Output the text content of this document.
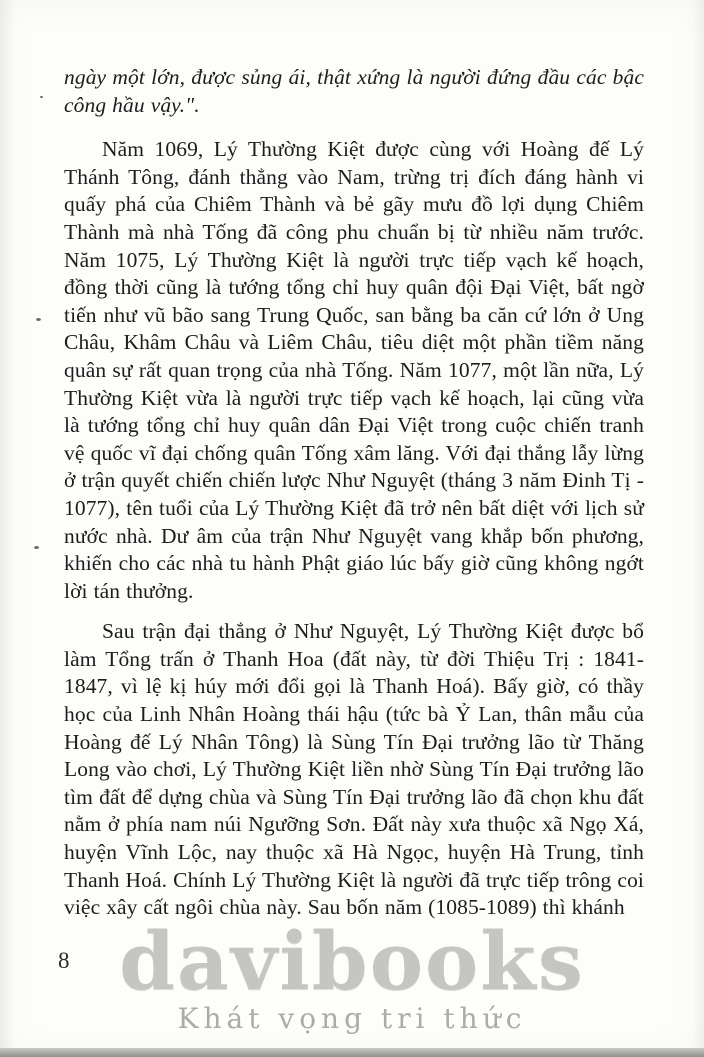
ngày một lớn, được sủng ái, thật xứng là người đứng đầu các bậc công hầu vậy.".

Năm 1069, Lý Thường Kiệt được cùng với Hoàng đế Lý Thánh Tông, đánh thẳng vào Nam, trừng trị đích đáng hành vi quấy phá của Chiêm Thành và bẻ gãy mưu đồ lợi dụng Chiêm Thành mà nhà Tống đã công phu chuẩn bị từ nhiều năm trước. Năm 1075, Lý Thường Kiệt là người trực tiếp vạch kế hoạch, đồng thời cũng là tướng tổng chỉ huy quân đội Đại Việt, bất ngờ tiến như vũ bão sang Trung Quốc, san bằng ba căn cứ lớn ở Ung Châu, Khâm Châu và Liêm Châu, tiêu diệt một phần tiềm năng quân sự rất quan trọng của nhà Tống. Năm 1077, một lần nữa, Lý Thường Kiệt vừa là người trực tiếp vạch kế hoạch, lại cũng vừa là tướng tổng chỉ huy quân dân Đại Việt trong cuộc chiến tranh vệ quốc vĩ đại chống quân Tống xâm lăng. Với đại thắng lẫy lừng ở trận quyết chiến chiến lược Như Nguyệt (tháng 3 năm Đinh Tị - 1077), tên tuổi của Lý Thường Kiệt đã trở nên bất diệt với lịch sử nước nhà. Dư âm của trận Như Nguyệt vang khắp bốn phương, khiến cho các nhà tu hành Phật giáo lúc bấy giờ cũng không ngớt lời tán thưởng.

Sau trận đại thắng ở Như Nguyệt, Lý Thường Kiệt được bổ làm Tổng trấn ở Thanh Hoa (đất này, từ đời Thiệu Trị : 1841-1847, vì lệ kị húy mới đổi gọi là Thanh Hoá). Bấy giờ, có thầy học của Linh Nhân Hoàng thái hậu (tức bà Ỷ Lan, thân mẫu của Hoàng đế Lý Nhân Tông) là Sùng Tín Đại trưởng lão từ Thăng Long vào chơi, Lý Thường Kiệt liền nhờ Sùng Tín Đại trưởng lão tìm đất để dựng chùa và Sùng Tín Đại trưởng lão đã chọn khu đất nằm ở phía nam núi Ngưỡng Sơn. Đất này xưa thuộc xã Ngọ Xá, huyện Vĩnh Lộc, nay thuộc xã Hà Ngọc, huyện Hà Trung, tỉnh Thanh Hoá. Chính Lý Thường Kiệt là người đã trực tiếp trông coi việc xây cất ngôi chùa này. Sau bốn năm (1085-1089) thì khánh

8 davibooks
Khát vọng tri thức
